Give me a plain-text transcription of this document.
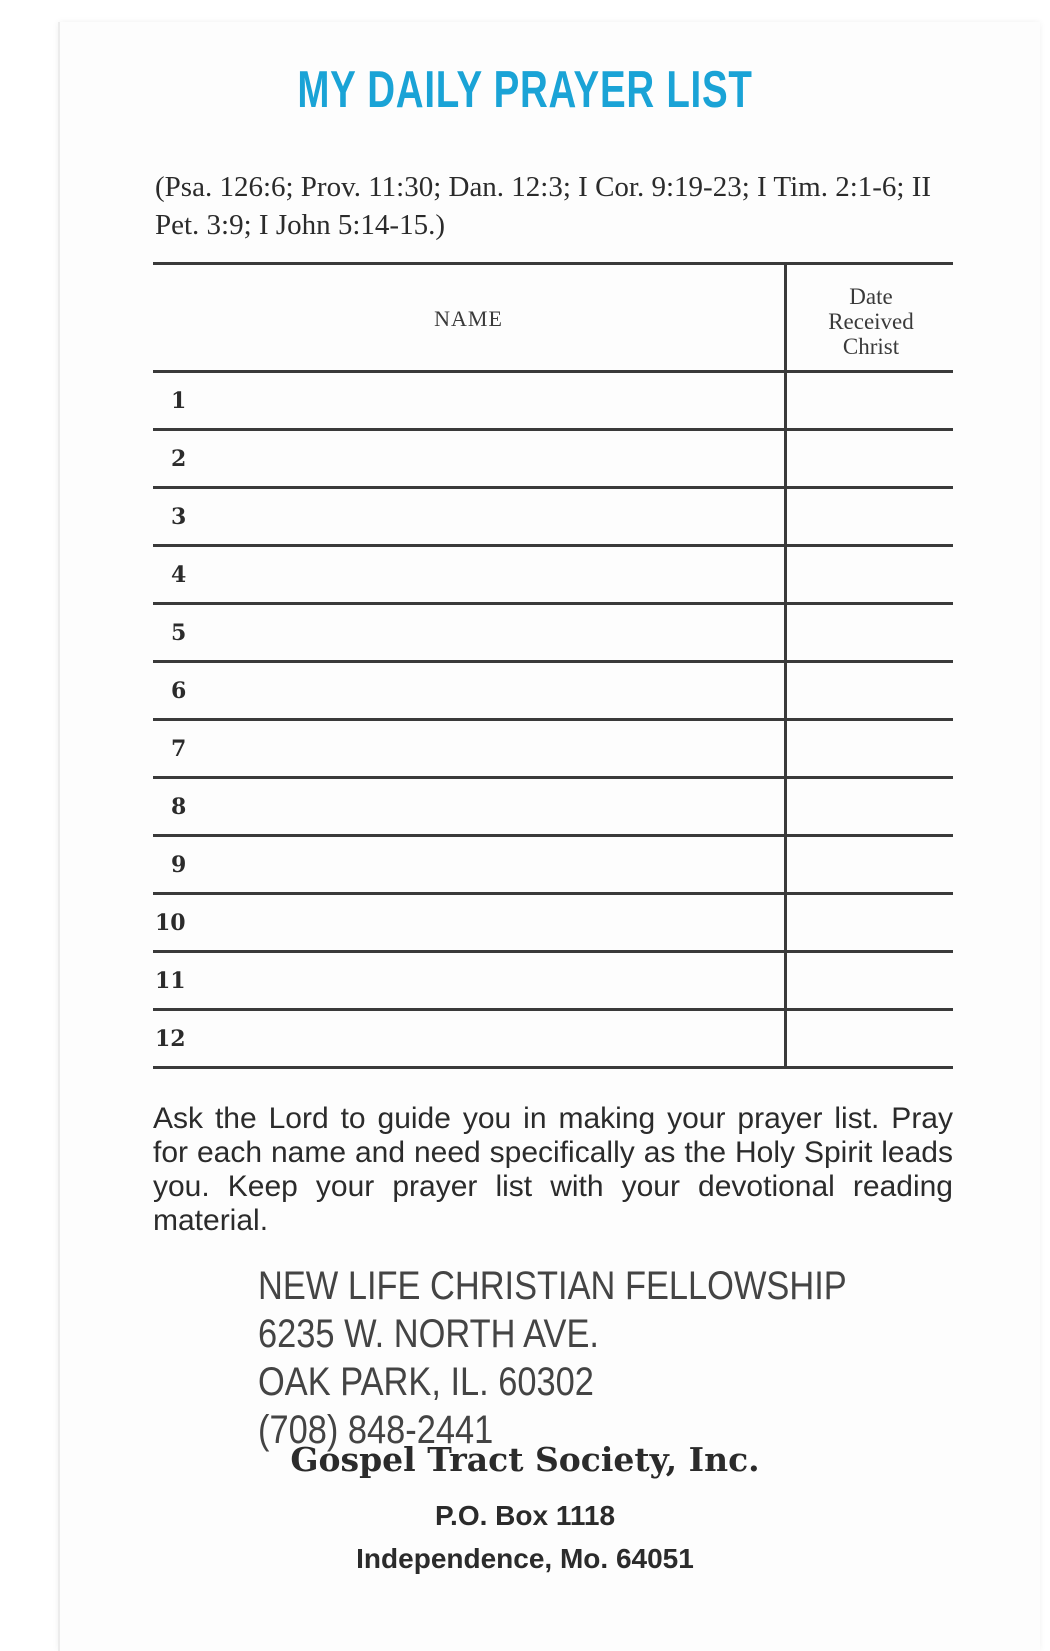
MY DAILY PRAYER LIST
(Psa. 126:6; Prov. 11:30; Dan. 12:3; I Cor. 9:19-23; I Tim. 2:1-6; II Pet. 3:9; I John 5:14-15.)
NAME
Date
Received
Christ
1
2
3
4
5
6
7
8
9
10
11
12
Ask the Lord to guide you in making your prayer list. Pray for each name and need specifically as the Holy Spirit leads you. Keep your prayer list with your devotional reading material.
NEW LIFE CHRISTIAN FELLOWSHIP
6235 W. NORTH AVE.
OAK PARK, IL. 60302
(708) 848-2441
Gospel Tract Society, Inc.
P.O. Box 1118
Independence, Mo. 64051
